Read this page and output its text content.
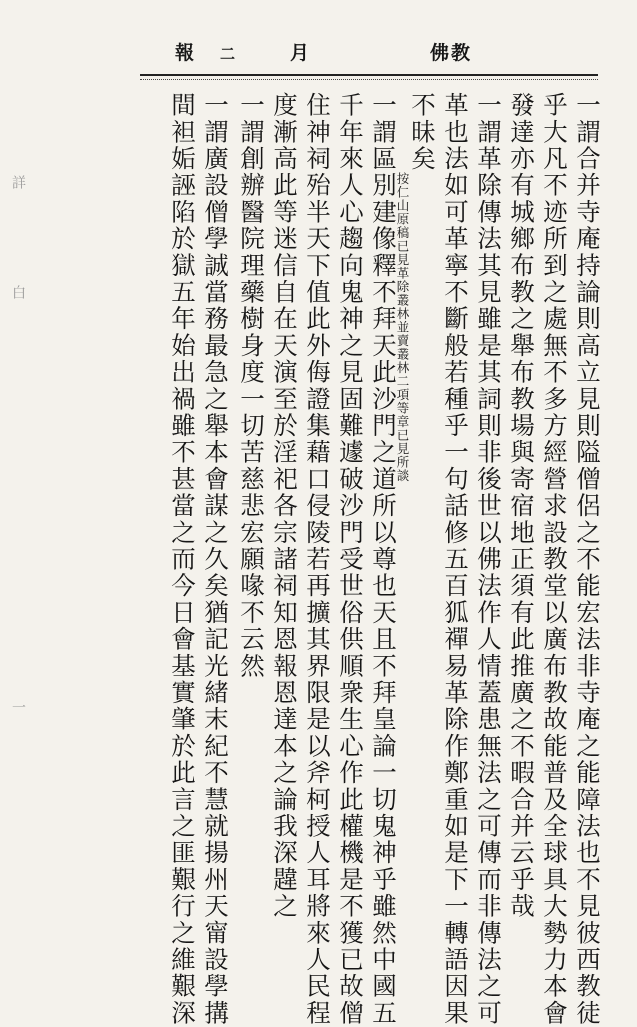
佛教
月
二
報
一謂合并寺庵持論則高立見則隘僧侶之不能宏法非寺庵之能障法也不見彼西教徒
乎大凡不迹所到之處無不多方經營求設教堂以廣布教故能普及全球具大勢力本會
發達亦有城鄉布教之舉布教場與寄宿地正須有此推廣之不暇合并云乎哉
一謂革除傳法其見雖是其詞則非後世以佛法作人情蓋患無法之可傳而非傳法之可
革也法如可革寧不斷般若種乎一句話修五百狐禪易革除作鄭重如是下一轉語因果
不昧矣
按仁山原稿已見革除叢林並賣叢林二項等章已見所談
一謂區別建像釋不拜天此沙門之道所以尊也天且不拜皇論一切鬼神乎雖然中國五
千年來人心趨向鬼神之見固難遽破沙門受世俗供順衆生心作此權機是不獲已故僧
住神祠殆半天下值此外侮證集藉口侵陵若再擴其界限是以斧柯授人耳將來人民程
度漸高此等迷信自在天演至於淫祀各宗諸祠知恩報恩達本之論我深韙之
一謂創辦醫院理藥樹身度一切苦慈悲宏願喙不云然
一謂廣設僧學誠當務最急之舉本會謀之久矣猶記光緒末紀不慧就揚州天甯設學搆
間袒姤誣陷於獄五年始出禍雖不甚當之而今日會基實肇於此言之匪艱行之維艱深
詳
白
一
